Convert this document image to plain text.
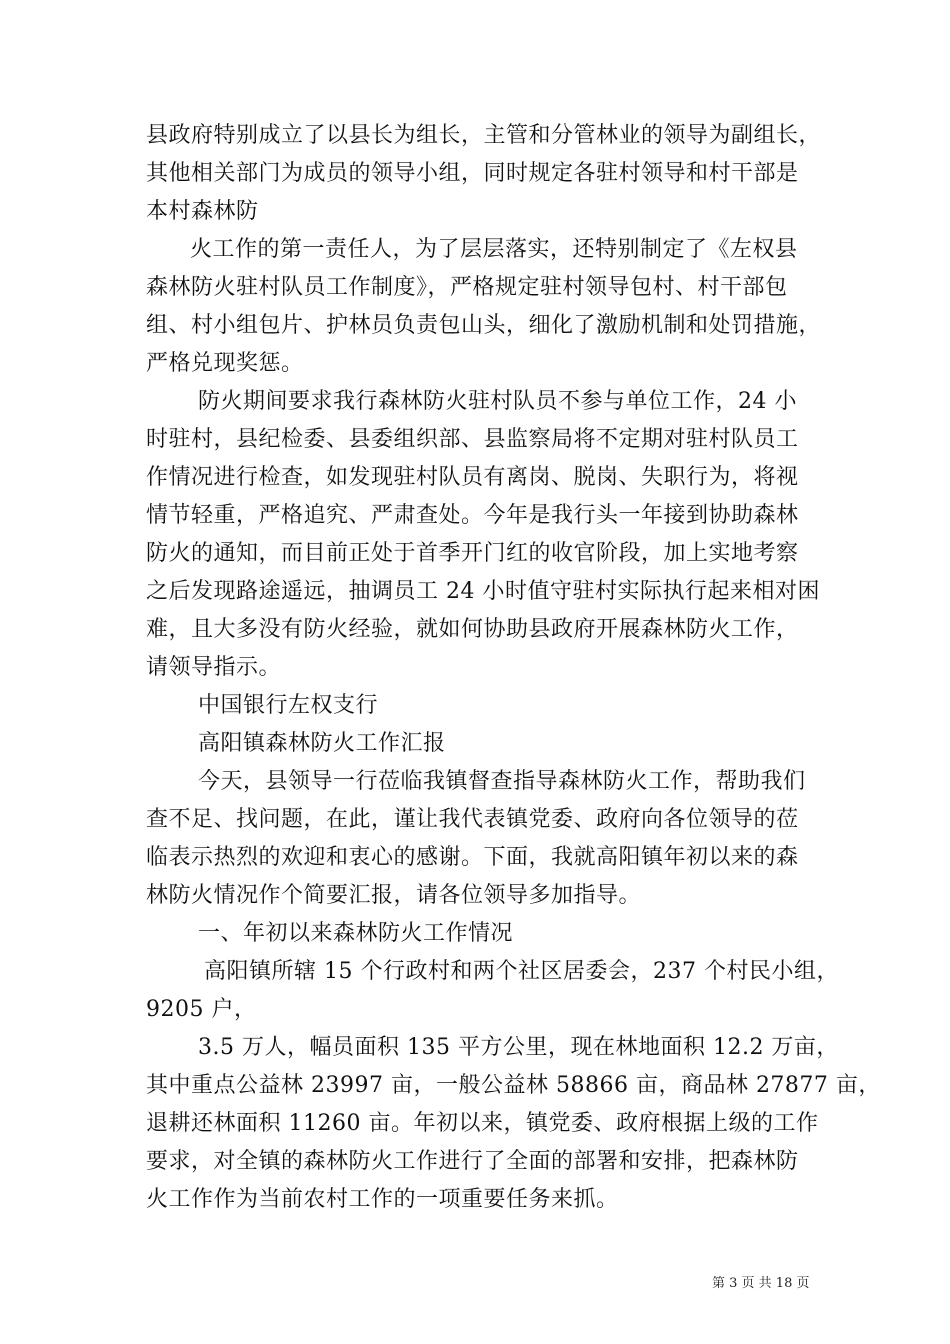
县政府特别成立了以县长为组长，主管和分管林业的领导为副组长，
其他相关部门为成员的领导小组，同时规定各驻村领导和村干部是
本村森林防
火工作的第一责任人，为了层层落实，还特别制定了《左权县
森林防火驻村队员工作制度》，严格规定驻村领导包村、村干部包
组、村小组包片、护林员负责包山头，细化了激励机制和处罚措施，
严格兑现奖惩。
防火期间要求我行森林防火驻村队员不参与单位工作，24 小
时驻村，县纪检委、县委组织部、县监察局将不定期对驻村队员工
作情况进行检查，如发现驻村队员有离岗、脱岗、失职行为，将视
情节轻重，严格追究、严肃查处。今年是我行头一年接到协助森林
防火的通知，而目前正处于首季开门红的收官阶段，加上实地考察
之后发现路途遥远，抽调员工 24 小时值守驻村实际执行起来相对困
难，且大多没有防火经验，就如何协助县政府开展森林防火工作，
请领导指示。
中国银行左权支行
高阳镇森林防火工作汇报
今天，县领导一行莅临我镇督查指导森林防火工作，帮助我们
查不足、找问题，在此，谨让我代表镇党委、政府向各位领导的莅
临表示热烈的欢迎和衷心的感谢。下面，我就高阳镇年初以来的森
林防火情况作个简要汇报，请各位领导多加指导。
一、年初以来森林防火工作情况
高阳镇所辖 15 个行政村和两个社区居委会，237 个村民小组，
9205 户，
3.5 万人，幅员面积 135 平方公里，现在林地面积 12.2 万亩，
其中重点公益林 23997 亩，一般公益林 58866 亩，商品林 27877 亩，
退耕还林面积 11260 亩。年初以来，镇党委、政府根据上级的工作
要求，对全镇的森林防火工作进行了全面的部署和安排，把森林防
火工作作为当前农村工作的一项重要任务来抓。
第 3 页 共 18 页
